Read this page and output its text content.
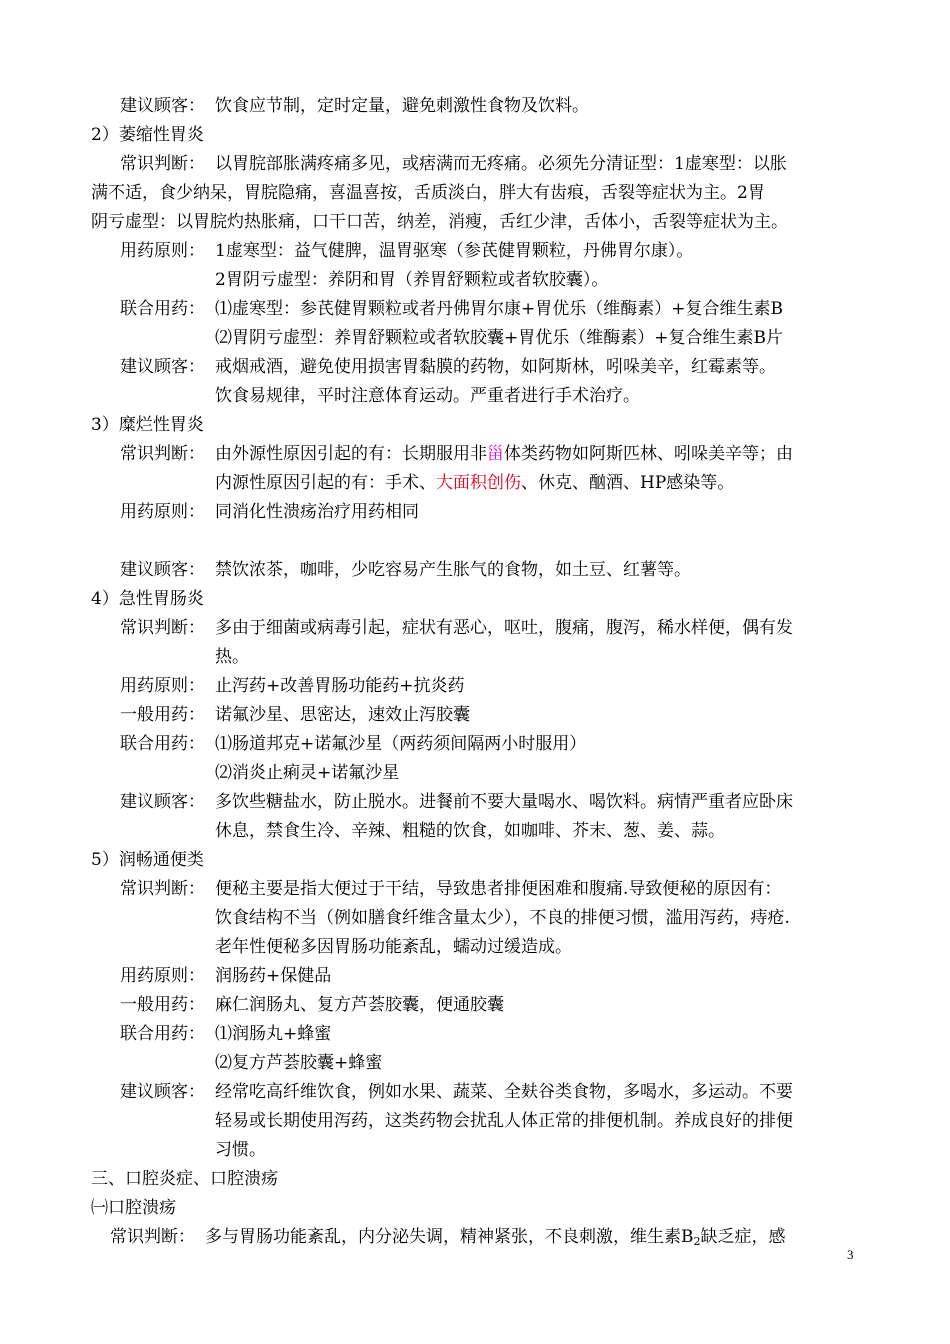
建议顾客： 饮食应节制，定时定量，避免刺激性食物及饮料。
2）萎缩性胃炎
常识判断： 以胃脘部胀满疼痛多见，或痞满而无疼痛。必须先分清证型：1虚寒型：以胀
满不适，食少纳呆，胃脘隐痛，喜温喜按，舌质淡白，胖大有齿痕，舌裂等症状为主。2胃
阴亏虚型：以胃脘灼热胀痛，口干口苦，纳差，消瘦，舌红少津，舌体小，舌裂等症状为主。
用药原则： 1虚寒型：益气健脾，温胃驱寒（参芪健胃颗粒，丹佛胃尔康）。
2胃阴亏虚型：养阴和胃（养胃舒颗粒或者软胶囊）。
联合用药： ⑴虚寒型：参芪健胃颗粒或者丹佛胃尔康+胃优乐（维酶素）+复合维生素B
⑵胃阴亏虚型：养胃舒颗粒或者软胶囊+胃优乐（维酶素）+复合维生素B片
建议顾客： 戒烟戒酒，避免使用损害胃黏膜的药物，如阿斯林，吲哚美辛，红霉素等。
饮食易规律，平时注意体育运动。严重者进行手术治疗。
3）糜烂性胃炎
常识判断： 由外源性原因引起的有：长期服用非甾体类药物如阿斯匹林、吲哚美辛等；由
内源性原因引起的有：手术、大面积创伤、休克、酗酒、HP感染等。
用药原则： 同消化性溃疡治疗用药相同
建议顾客： 禁饮浓茶，咖啡，少吃容易产生胀气的食物，如土豆、红薯等。
4）急性胃肠炎
常识判断： 多由于细菌或病毒引起，症状有恶心，呕吐，腹痛，腹泻，稀水样便，偶有发
热。
用药原则： 止泻药+改善胃肠功能药+抗炎药
一般用药： 诺氟沙星、思密达，速效止泻胶囊
联合用药： ⑴肠道邦克+诺氟沙星（两药须间隔两小时服用）
⑵消炎止痢灵+诺氟沙星
建议顾客： 多饮些糖盐水，防止脱水。进餐前不要大量喝水、喝饮料。病情严重者应卧床
休息，禁食生冷、辛辣、粗糙的饮食，如咖啡、芥末、葱、姜、蒜。
5）润畅通便类
常识判断： 便秘主要是指大便过于干结，导致患者排便困难和腹痛.导致便秘的原因有：
饮食结构不当（例如膳食纤维含量太少），不良的排便习惯，滥用泻药，痔疮.
老年性便秘多因胃肠功能紊乱，蠕动过缓造成。
用药原则： 润肠药+保健品
一般用药： 麻仁润肠丸、复方芦荟胶囊，便通胶囊
联合用药： ⑴润肠丸+蜂蜜
⑵复方芦荟胶囊+蜂蜜
建议顾客： 经常吃高纤维饮食，例如水果、蔬菜、全麸谷类食物，多喝水，多运动。不要
轻易或长期使用泻药，这类药物会扰乱人体正常的排便机制。养成良好的排便
习惯。
三、口腔炎症、口腔溃疡
㈠口腔溃疡
常识判断： 多与胃肠功能紊乱，内分泌失调，精神紧张，不良刺激，维生素$B_2$缺乏症，感
3
